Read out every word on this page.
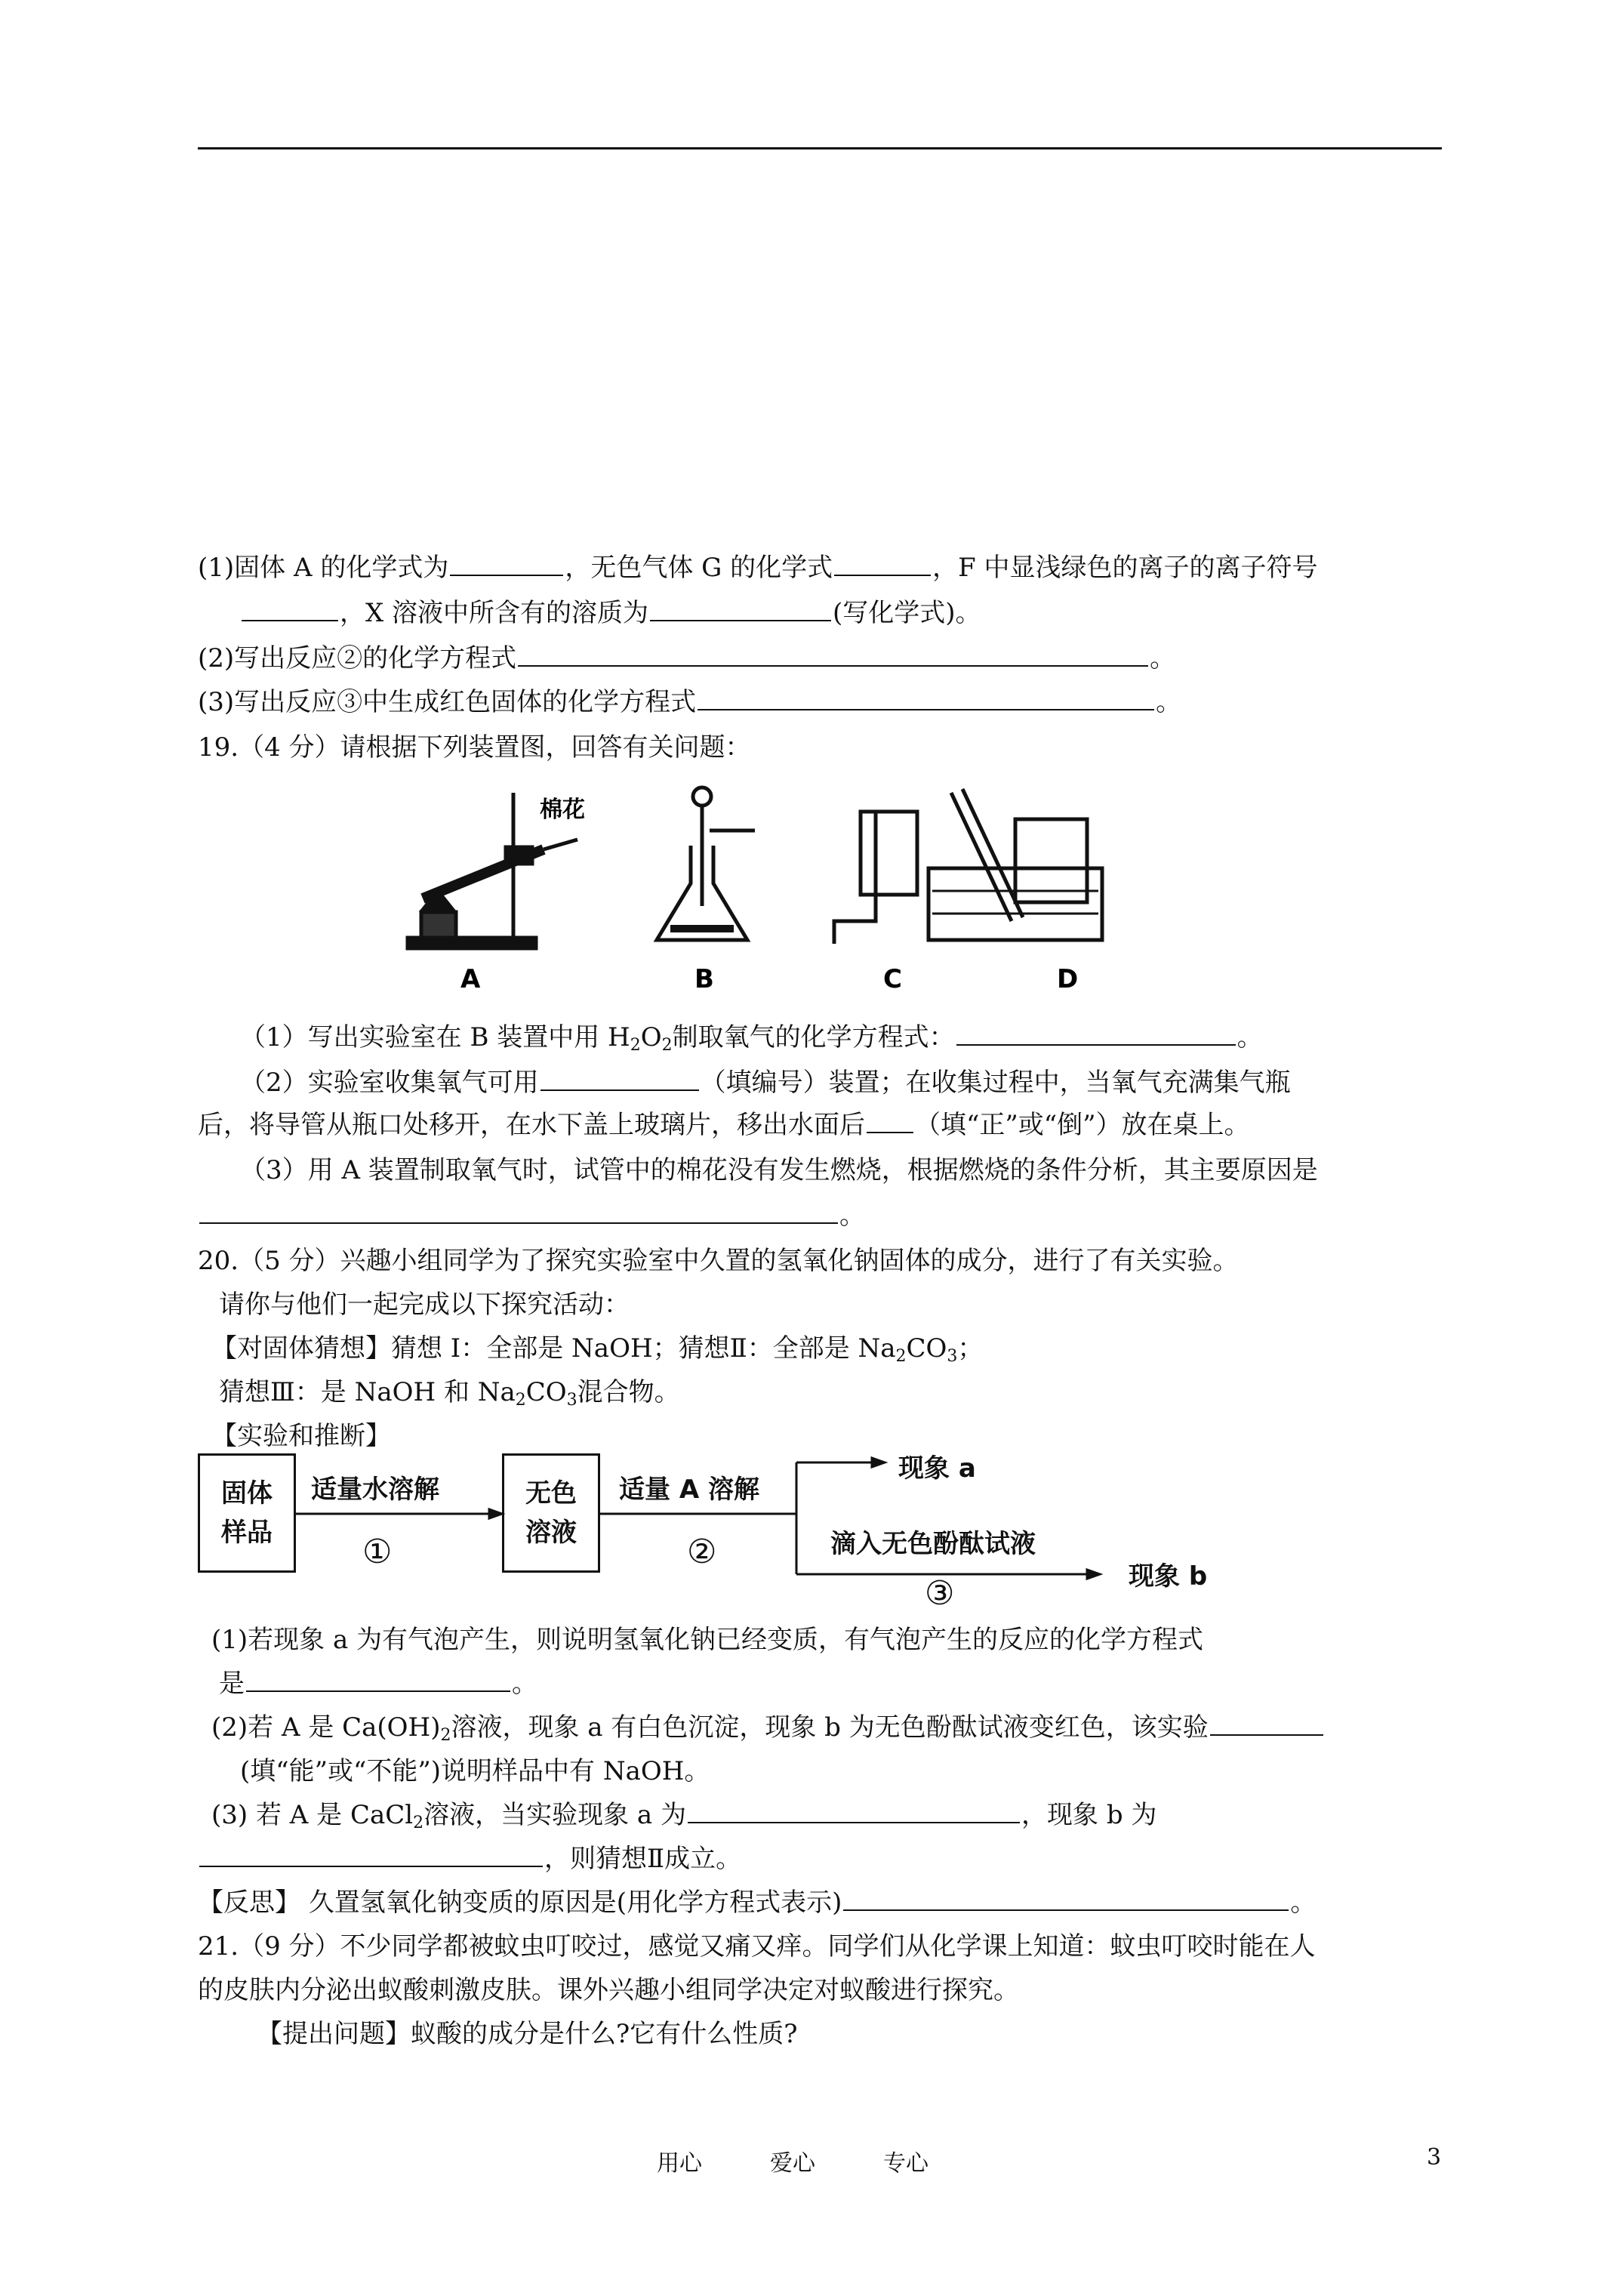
(1)固体 A 的化学式为	，无色气体 G 的化学式	，F 中显浅绿色的离子的离子符号
，X 溶液中所含有的溶质为	(写化学式)。
(2)写出反应②的化学方程式	。
(3)写出反应③中生成红色固体的化学方程式	。
19.（4 分）请根据下列装置图，回答有关问题：
棉花
A	B	C	D
（1）写出实验室在 B 装置中用 $H_2O_2$制取氧气的化学方程式：	。
（2）实验室收集氧气可用	（填编号）装置；在收集过程中，当氧气充满集气瓶
后，将导管从瓶口处移开，在水下盖上玻璃片，移出水面后 （填“正”或“倒”）放在桌上。
（3）用 A 装置制取氧气时，试管中的棉花没有发生燃烧，根据燃烧的条件分析，其主要原因是
。
20.（5 分）兴趣小组同学为了探究实验室中久置的氢氧化钠固体的成分，进行了有关实验。
请你与他们一起完成以下探究活动：
【对固体猜想】猜想 I：全部是 NaOH；猜想Ⅱ：全部是 $Na_2CO_3$；
猜想Ⅲ：是 NaOH 和 $Na_2CO_3$混合物。
【实验和推断】
固体
样品
无色
溶液
适量水溶解
①
适量 A 溶解
②
现象 a
滴入无色酚酞试液
③	现象 b
(1)若现象 a 为有气泡产生，则说明氢氧化钠已经变质，有气泡产生的反应的化学方程式
是	。
(2)若 A 是 $Ca(OH)_2$溶液，现象 a 有白色沉淀，现象 b 为无色酚酞试液变红色，该实验
(填“能”或“不能”)说明样品中有 NaOH。
(3) 若 A 是 CaCl$_2$溶液，当实验现象 a 为	，现象 b 为
，则猜想Ⅱ成立。
【反思】 久置氢氧化钠变质的原因是(用化学方程式表示)	。
21.（9 分）不少同学都被蚊虫叮咬过，感觉又痛又痒。同学们从化学课上知道：蚊虫叮咬时能在人
的皮肤内分泌出蚁酸刺激皮肤。课外兴趣小组同学决定对蚁酸进行探究。
【提出问题】蚁酸的成分是什么?它有什么性质?
用心	爱心	专心	3
